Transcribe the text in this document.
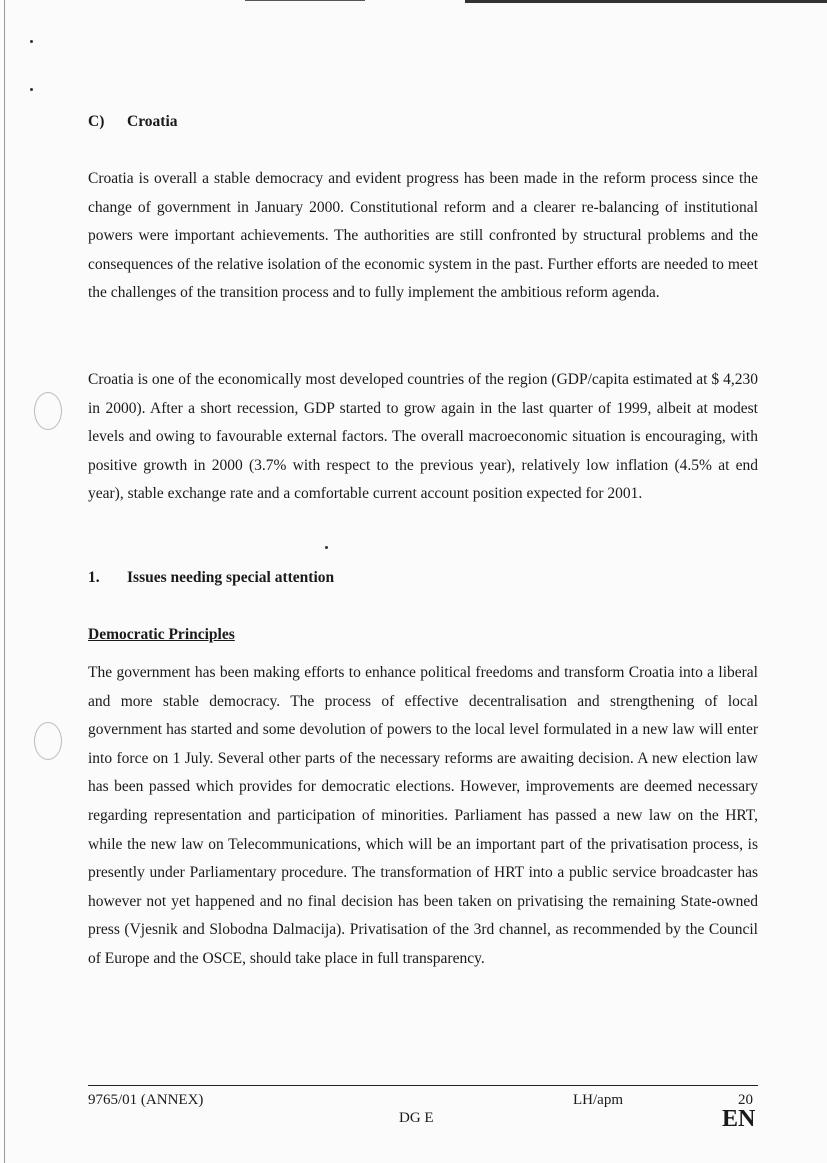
C) Croatia

Croatia is overall a stable democracy and evident progress has been made in the reform process since the change of government in January 2000. Constitutional reform and a clearer re-balancing of institutional powers were important achievements. The authorities are still confronted by structural problems and the consequences of the relative isolation of the economic system in the past. Further efforts are needed to meet the challenges of the transition process and to fully implement the ambitious reform agenda.

Croatia is one of the economically most developed countries of the region (GDP/capita estimated at $ 4,230 in 2000). After a short recession, GDP started to grow again in the last quarter of 1999, albeit at modest levels and owing to favourable external factors. The overall macroeconomic situation is encouraging, with positive growth in 2000 (3.7% with respect to the previous year), relatively low inflation (4.5% at end year), stable exchange rate and a comfortable current account position expected for 2001.

1. Issues needing special attention
Democratic Principles

The government has been making efforts to enhance political freedoms and transform Croatia into a liberal and more stable democracy. The process of effective decentralisation and strengthening of local government has started and some devolution of powers to the local level formulated in a new law will enter into force on 1 July. Several other parts of the necessary reforms are awaiting decision. A new election law has been passed which provides for democratic elections. However, improvements are deemed necessary regarding representation and participation of minorities. Parliament has passed a new law on the HRT, while the new law on Telecommunications, which will be an important part of the privatisation process, is presently under Parliamentary procedure. The transformation of HRT into a public service broadcaster has however not yet happened and no final decision has been taken on privatising the remaining State-owned press (Vjesnik and Slobodna Dalmacija). Privatisation of the 3rd channel, as recommended by the Council of Europe and the OSCE, should take place in full transparency.

9765/01 (ANNEX)	LH/apm	20
DG E	EN
